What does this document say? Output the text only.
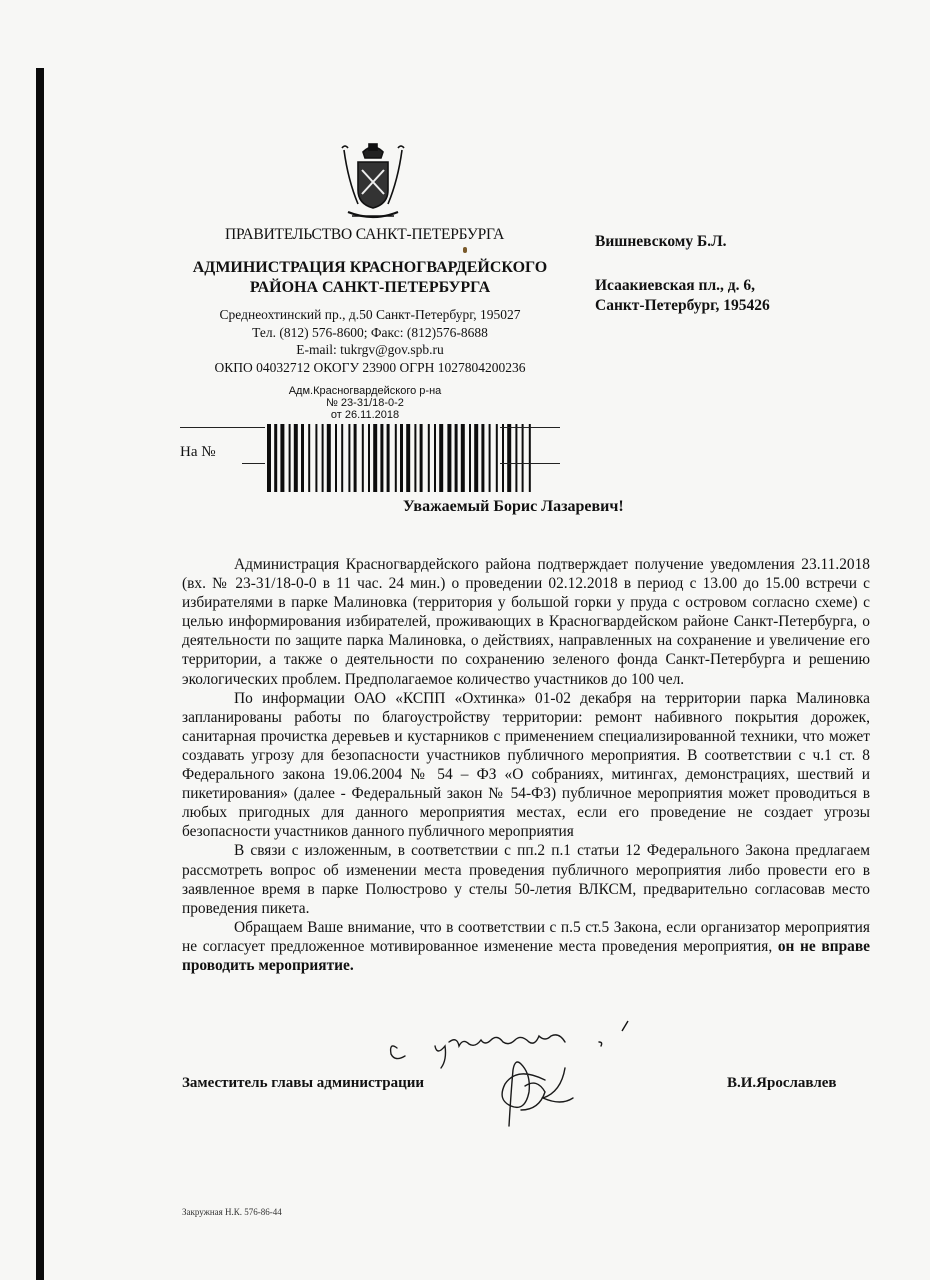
ПРАВИТЕЛЬСТВО САНКТ-ПЕТЕРБУРГА
АДМИНИСТРАЦИЯ КРАСНОГВАРДЕЙСКОГО
РАЙОНА САНКТ-ПЕТЕРБУРГА
Среднеохтинский пр., д.50 Санкт-Петербург, 195027
Тел. (812) 576-8600; Факс: (812)576-8688
E-mail: tukrgv@gov.spb.ru
ОКПО 04032712 ОКОГУ 23900 ОГРН 1027804200236
Вишневскому Б.Л.
Исаакиевская пл., д. 6,
Санкт-Петербург, 195426
Адм.Красногвардейского р-на
№ 23-31/18-0-2
от 26.11.2018
На №
Уважаемый Борис Лазаревич!

Администрация Красногвардейского района подтверждает получение уведомления 23.11.2018 (вх. № 23-31/18-0-0 в 11 час. 24 мин.) о проведении 02.12.2018 в период с 13.00 до 15.00 встречи с избирателями в парке Малиновка (территория у большой горки у пруда с островом согласно схеме) с целью информирования избирателей, проживающих в Красногвардейском районе Санкт-Петербурга, о деятельности по защите парка Малиновка, о действиях, направленных на сохранение и увеличение его территории, а также о деятельности по сохранению зеленого фонда Санкт-Петербурга и решению экологических проблем. Предполагаемое количество участников до 100 чел.

По информации ОАО «КСПП «Охтинка» 01-02 декабря на территории парка Малиновка запланированы работы по благоустройству территории: ремонт набивного покрытия дорожек, санитарная прочистка деревьев и кустарников с применением специализированной техники, что может создавать угрозу для безопасности участников публичного мероприятия. В соответствии с ч.1 ст. 8 Федерального закона 19.06.2004 № 54 – ФЗ «О собраниях, митингах, демонстрациях, шествий и пикетирования» (далее - Федеральный закон № 54-ФЗ) публичное мероприятия может проводиться в любых пригодных для данного мероприятия местах, если его проведение не создает угрозы безопасности участников данного публичного мероприятия

В связи с изложенным, в соответствии с пп.2 п.1 статьи 12 Федерального Закона предлагаем рассмотреть вопрос об изменении места проведения публичного мероприятия либо провести его в заявленное время в парке Полюстрово у стелы 50-летия ВЛКСМ, предварительно согласовав место проведения пикета.

Обращаем Ваше внимание, что в соответствии с п.5 ст.5 Закона, если организатор мероприятия не согласует предложенное мотивированное изменение места проведения мероприятия, он не вправе проводить мероприятие.

Заместитель главы администрации	В.И.Ярославлев
Закружная Н.К. 576-86-44
